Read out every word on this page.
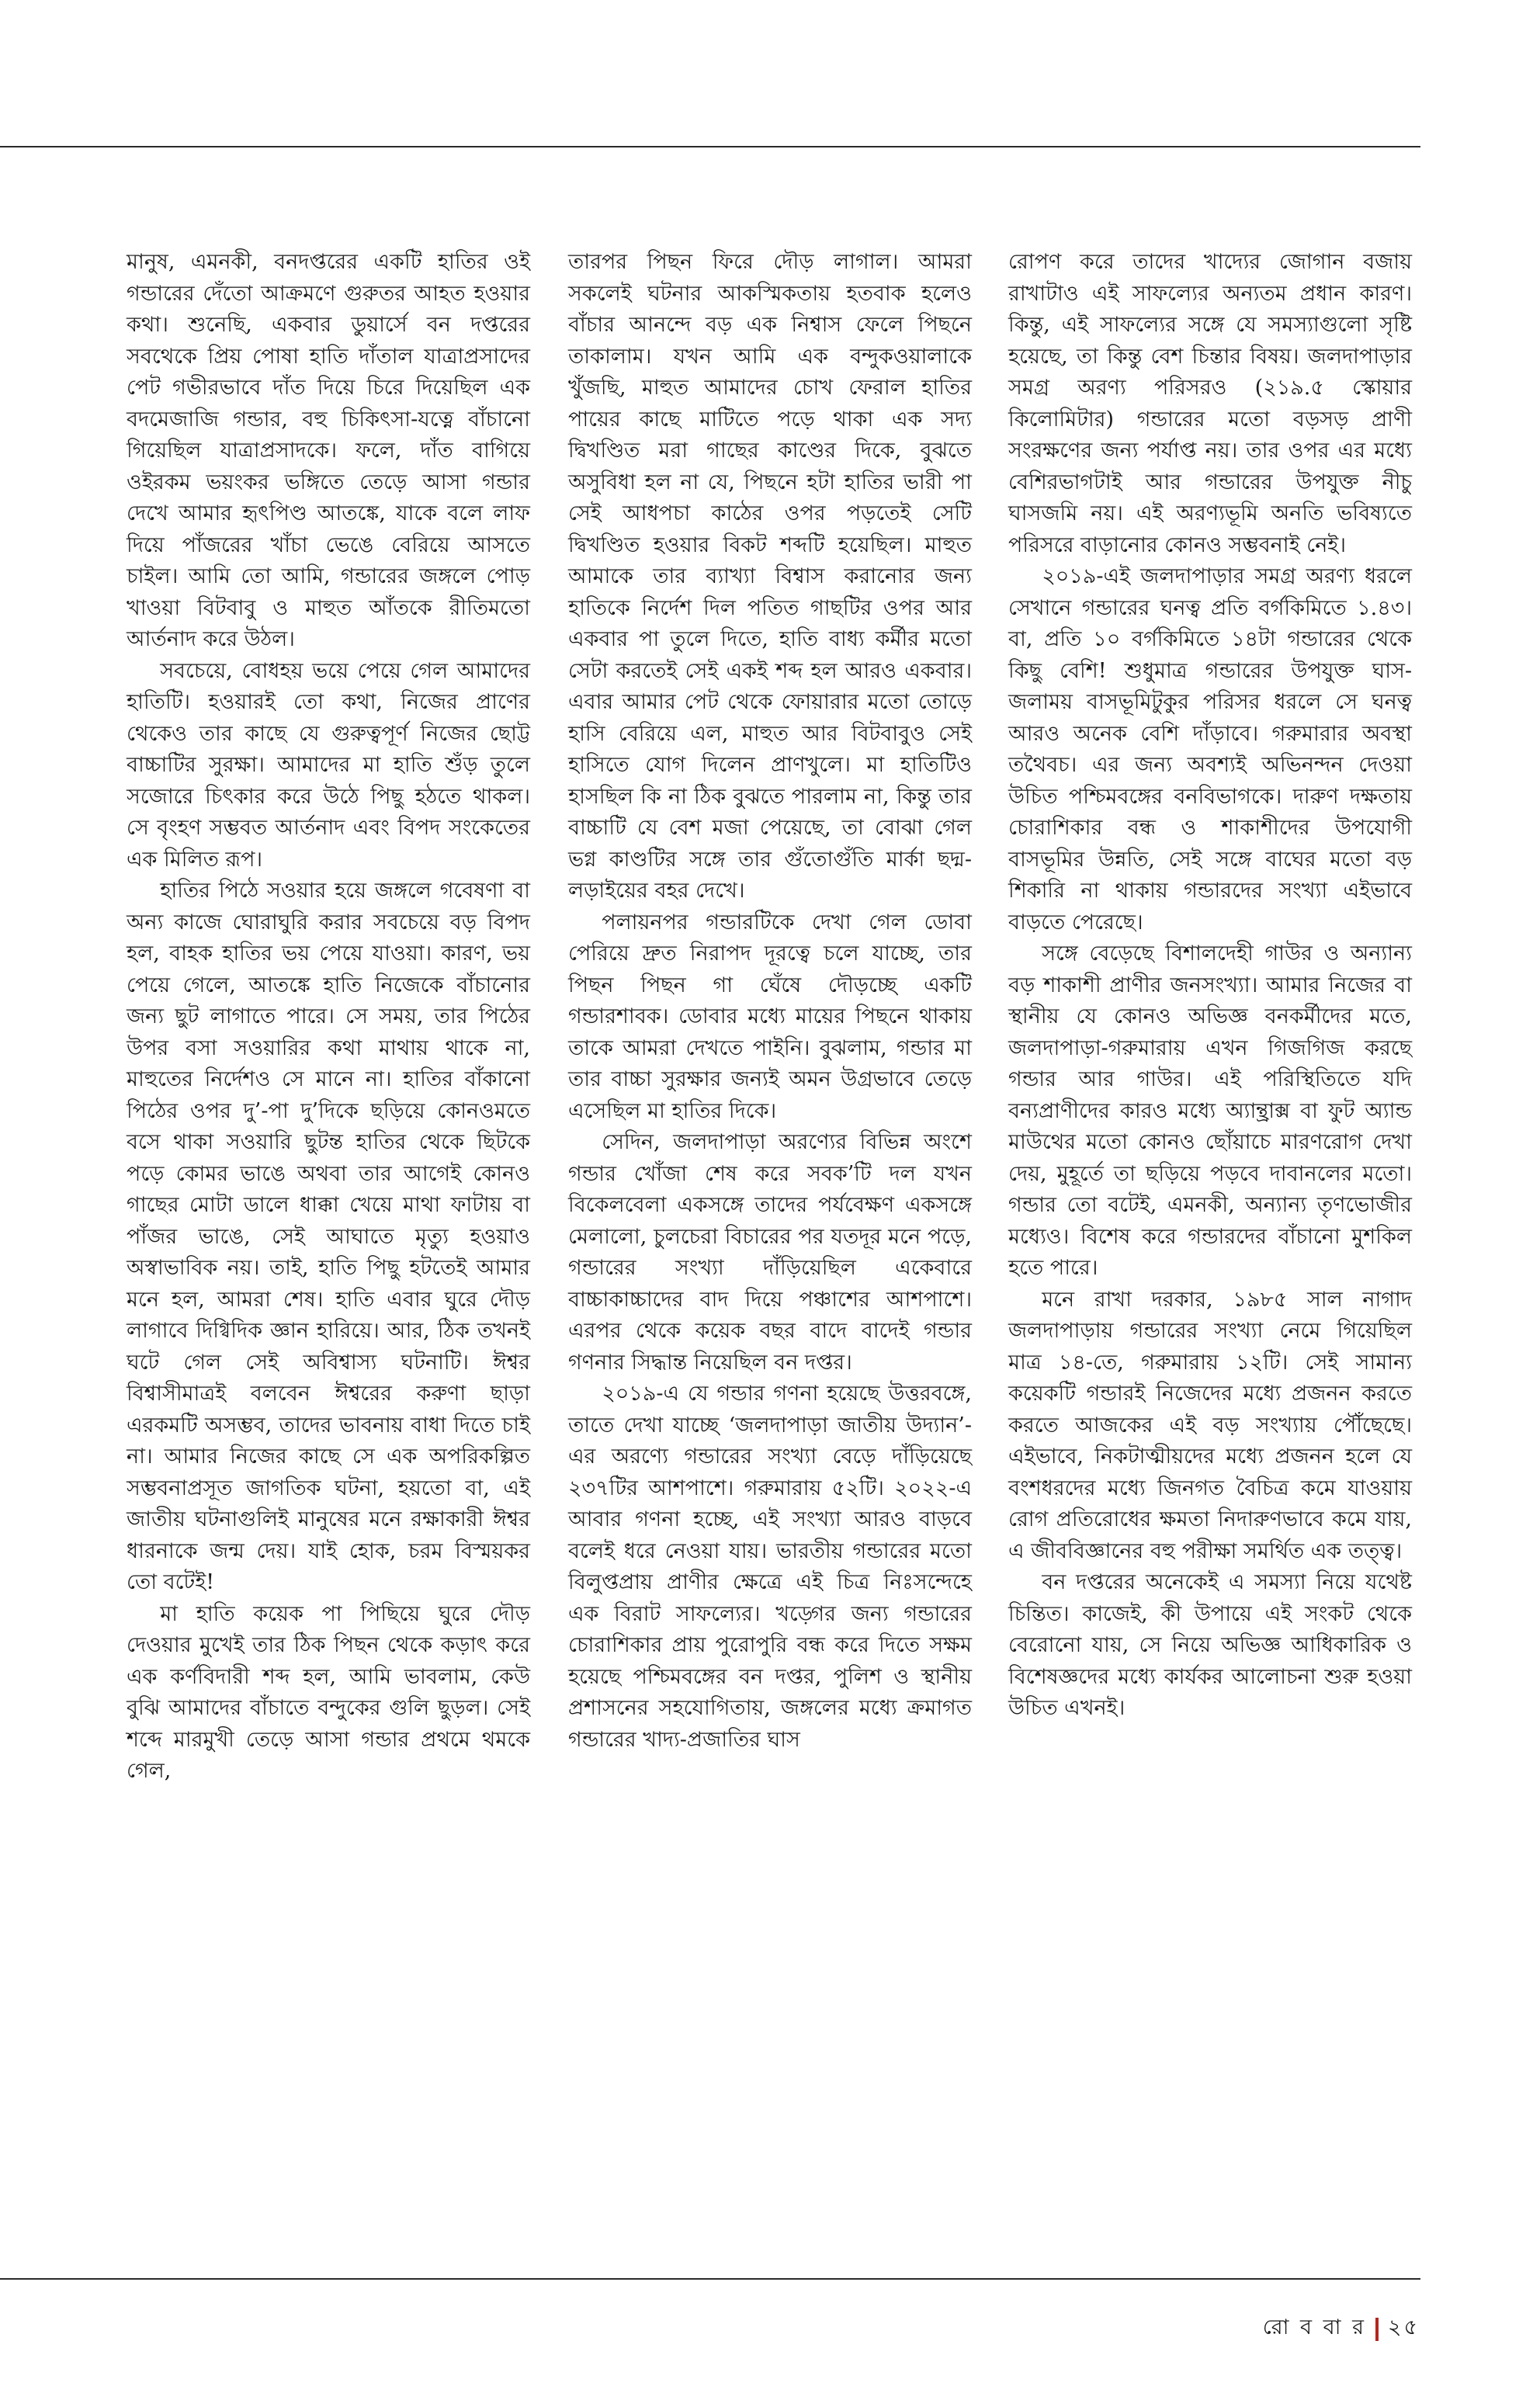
মানুষ, এমনকী, বনদপ্তরের একটি হাতির ওই গন্ডারের দেঁতো আক্রমণে গুরুতর আহত হওয়ার কথা। শুনেছি, একবার ডুয়ার্সে বন দপ্তরের সবথেকে প্রিয় পোষা হাতি দাঁতাল যাত্রাপ্রসাদের পেট গভীরভাবে দাঁত দিয়ে চিরে দিয়েছিল এক বদমেজাজি গন্ডার, বহু চিকিৎসা-যত্নে বাঁচানো গিয়েছিল যাত্রাপ্রসাদকে। ফলে, দাঁত বাগিয়ে ওইরকম ভয়ংকর ভঙ্গিতে তেড়ে আসা গন্ডার দেখে আমার হৃৎপিণ্ড আতঙ্কে, যাকে বলে লাফ দিয়ে পাঁজরের খাঁচা ভেঙে বেরিয়ে আসতে চাইল। আমি তো আমি, গন্ডারের জঙ্গলে পোড় খাওয়া বিটবাবু ও মাহুত আঁতকে রীতিমতো আর্তনাদ করে উঠল।

সবচেয়ে, বোধহয় ভয়ে পেয়ে গেল আমাদের হাতিটি। হওয়ারই তো কথা, নিজের প্রাণের থেকেও তার কাছে যে গুরুত্বপূর্ণ নিজের ছোট্ট বাচ্চাটির সুরক্ষা। আমাদের মা হাতি শুঁড় তুলে সজোরে চিৎকার করে উঠে পিছু হঠতে থাকল। সে বৃংহণ সম্ভবত আর্তনাদ এবং বিপদ সংকেতের এক মিলিত রূপ।

হাতির পিঠে সওয়ার হয়ে জঙ্গলে গবেষণা বা অন্য কাজে ঘোরাঘুরি করার সবচেয়ে বড় বিপদ হল, বাহক হাতির ভয় পেয়ে যাওয়া। কারণ, ভয় পেয়ে গেলে, আতঙ্কে হাতি নিজেকে বাঁচানোর জন্য ছুট লাগাতে পারে। সে সময়, তার পিঠের উপর বসা সওয়ারির কথা মাথায় থাকে না, মাহুতের নির্দেশও সে মানে না। হাতির বাঁকানো পিঠের ওপর দু’-পা দু’দিকে ছড়িয়ে কোনওমতে বসে থাকা সওয়ারি ছুটন্ত হাতির থেকে ছিটকে পড়ে কোমর ভাঙে অথবা তার আগেই কোনও গাছের মোটা ডালে ধাক্কা খেয়ে মাথা ফাটায় বা পাঁজর ভাঙে, সেই আঘাতে মৃত্যু হওয়াও অস্বাভাবিক নয়। তাই, হাতি পিছু হটতেই আমার মনে হল, আমরা শেষ। হাতি এবার ঘুরে দৌড় লাগাবে দিগ্বিদিক জ্ঞান হারিয়ে। আর, ঠিক তখনই ঘটে গেল সেই অবিশ্বাস্য ঘটনাটি। ঈশ্বর বিশ্বাসীমাত্রই বলবেন ঈশ্বরের করুণা ছাড়া এরকমটি অসম্ভব, তাদের ভাবনায় বাধা দিতে চাই না। আমার নিজের কাছে সে এক অপরিকল্পিত সম্ভবনাপ্রসূত জাগতিক ঘটনা, হয়তো বা, এই জাতীয় ঘটনাগুলিই মানুষের মনে রক্ষাকারী ঈশ্বর ধারনাকে জন্ম দেয়। যাই হোক, চরম বিস্ময়কর তো বটেই!

মা হাতি কয়েক পা পিছিয়ে ঘুরে দৌড় দেওয়ার মুখেই তার ঠিক পিছন থেকে কড়াৎ করে এক কর্ণবিদারী শব্দ হল, আমি ভাবলাম, কেউ বুঝি আমাদের বাঁচাতে বন্দুকের গুলি ছুড়ল। সেই শব্দে মারমুখী তেড়ে আসা গন্ডার প্রথমে থমকে গেল,

তারপর পিছন ফিরে দৌড় লাগাল। আমরা সকলেই ঘটনার আকস্মিকতায় হতবাক হলেও বাঁচার আনন্দে বড় এক নিশ্বাস ফেলে পিছনে তাকালাম। যখন আমি এক বন্দুকওয়ালাকে খুঁজছি, মাহুত আমাদের চোখ ফেরাল হাতির পায়ের কাছে মাটিতে পড়ে থাকা এক সদ্য দ্বিখণ্ডিত মরা গাছের কাণ্ডের দিকে, বুঝতে অসুবিধা হল না যে, পিছনে হটা হাতির ভারী পা সেই আধপচা কাঠের ওপর পড়তেই সেটি দ্বিখণ্ডিত হওয়ার বিকট শব্দটি হয়েছিল। মাহুত আমাকে তার ব্যাখ্যা বিশ্বাস করানোর জন্য হাতিকে নির্দেশ দিল পতিত গাছটির ওপর আর একবার পা তুলে দিতে, হাতি বাধ্য কর্মীর মতো সেটা করতেই সেই একই শব্দ হল আরও একবার। এবার আমার পেট থেকে ফোয়ারার মতো তোড়ে হাসি বেরিয়ে এল, মাহুত আর বিটবাবুও সেই হাসিতে যোগ দিলেন প্রাণখুলে। মা হাতিটিও হাসছিল কি না ঠিক বুঝতে পারলাম না, কিন্তু তার বাচ্চাটি যে বেশ মজা পেয়েছে, তা বোঝা গেল ভগ্ন কাণ্ডটির সঙ্গে তার গুঁতোগুঁতি মার্কা ছদ্ম-লড়াইয়ের বহর দেখে।

পলায়নপর গন্ডারটিকে দেখা গেল ডোবা পেরিয়ে দ্রুত নিরাপদ দূরত্বে চলে যাচ্ছে, তার পিছন পিছন গা ঘেঁষে দৌড়চ্ছে একটি গন্ডারশাবক। ডোবার মধ্যে মায়ের পিছনে থাকায় তাকে আমরা দেখতে পাইনি। বুঝলাম, গন্ডার মা তার বাচ্চা সুরক্ষার জন্যই অমন উগ্রভাবে তেড়ে এসেছিল মা হাতির দিকে।

সেদিন, জলদাপাড়া অরণ্যের বিভিন্ন অংশে গন্ডার খোঁজা শেষ করে সবক’টি দল যখন বিকেলবেলা একসঙ্গে তাদের পর্যবেক্ষণ একসঙ্গে মেলালো, চুলচেরা বিচারের পর যতদূর মনে পড়ে, গন্ডারের সংখ্যা দাঁড়িয়েছিল একেবারে বাচ্চাকাচ্চাদের বাদ দিয়ে পঞ্চাশের আশপাশে। এরপর থেকে কয়েক বছর বাদে বাদেই গন্ডার গণনার সিদ্ধান্ত নিয়েছিল বন দপ্তর।

২০১৯-এ যে গন্ডার গণনা হয়েছে উত্তরবঙ্গে, তাতে দেখা যাচ্ছে ‘জলদাপাড়া জাতীয় উদ্যান’-এর অরণ্যে গন্ডারের সংখ্যা বেড়ে দাঁড়িয়েছে ২৩৭টির আশপাশে। গরুমারায় ৫২টি। ২০২২-এ আবার গণনা হচ্ছে, এই সংখ্যা আরও বাড়বে বলেই ধরে নেওয়া যায়। ভারতীয় গন্ডারের মতো বিলুপ্তপ্রায় প্রাণীর ক্ষেত্রে এই চিত্র নিঃসন্দেহে এক বিরাট সাফল্যের। খড়্গের জন্য গন্ডারের চোরাশিকার প্রায় পুরোপুরি বন্ধ করে দিতে সক্ষম হয়েছে পশ্চিমবঙ্গের বন দপ্তর, পুলিশ ও স্থানীয় প্রশাসনের সহযোগিতায়, জঙ্গলের মধ্যে ক্রমাগত গন্ডারের খাদ্য-প্রজাতির ঘাস

রোপণ করে তাদের খাদ্যের জোগান বজায় রাখাটাও এই সাফল্যের অন্যতম প্রধান কারণ। কিন্তু, এই সাফল্যের সঙ্গে যে সমস্যাগুলো সৃষ্টি হয়েছে, তা কিন্তু বেশ চিন্তার বিষয়। জলদাপাড়ার সমগ্র অরণ্য পরিসরও (২১৯.৫ স্কোয়ার কিলোমিটার) গন্ডারের মতো বড়সড় প্রাণী সংরক্ষণের জন্য পর্যাপ্ত নয়। তার ওপর এর মধ্যে বেশিরভাগটাই আর গন্ডারের উপযুক্ত নীচু ঘাসজমি নয়। এই অরণ্যভূমি অনতি ভবিষ্যতে পরিসরে বাড়ানোর কোনও সম্ভবনাই নেই।

২০১৯-এই জলদাপাড়ার সমগ্র অরণ্য ধরলে সেখানে গন্ডারের ঘনত্ব প্রতি বর্গকিমিতে ১.৪৩। বা, প্রতি ১০ বর্গকিমিতে ১৪টা গন্ডারের থেকে কিছু বেশি! শুধুমাত্র গন্ডারের উপযুক্ত ঘাস-জলাময় বাসভূমিটুকুর পরিসর ধরলে সে ঘনত্ব আরও অনেক বেশি দাঁড়াবে। গরুমারার অবস্থা তথৈবচ। এর জন্য অবশ্যই অভিনন্দন দেওয়া উচিত পশ্চিমবঙ্গের বনবিভাগকে। দারুণ দক্ষতায় চোরাশিকার বন্ধ ও শাকাশীদের উপযোগী বাসভূমির উন্নতি, সেই সঙ্গে বাঘের মতো বড় শিকারি না থাকায় গন্ডারদের সংখ্যা এইভাবে বাড়তে পেরেছে।

সঙ্গে বেড়েছে বিশালদেহী গাউর ও অন্যান্য বড় শাকাশী প্রাণীর জনসংখ্যা। আমার নিজের বা স্থানীয় যে কোনও অভিজ্ঞ বনকর্মীদের মতে, জলদাপাড়া-গরুমারায় এখন গিজগিজ করছে গন্ডার আর গাউর। এই পরিস্থিতিতে যদি বন্যপ্রাণীদের কারও মধ্যে অ্যান্থ্রাক্স বা ফুট অ্যান্ড মাউথের মতো কোনও ছোঁয়াচে মারণরোগ দেখা দেয়, মুহূর্তে তা ছড়িয়ে পড়বে দাবানলের মতো। গন্ডার তো বটেই, এমনকী, অন্যান্য তৃণভোজীর মধ্যেও। বিশেষ করে গন্ডারদের বাঁচানো মুশকিল হতে পারে।

মনে রাখা দরকার, ১৯৮৫ সাল নাগাদ জলদাপাড়ায় গন্ডারের সংখ্যা নেমে গিয়েছিল মাত্র ১৪-তে, গরুমারায় ১২টি। সেই সামান্য কয়েকটি গন্ডারই নিজেদের মধ্যে প্রজনন করতে করতে আজকের এই বড় সংখ্যায় পৌঁছেছে। এইভাবে, নিকটাত্মীয়দের মধ্যে প্রজনন হলে যে বংশধরদের মধ্যে জিনগত বৈচিত্র কমে যাওয়ায় রোগ প্রতিরোধের ক্ষমতা নিদারুণভাবে কমে যায়, এ জীববিজ্ঞানের বহু পরীক্ষা সমর্থিত এক তত্ত্ব।

বন দপ্তরের অনেকেই এ সমস্যা নিয়ে যথেষ্ট চিন্তিত। কাজেই, কী উপায়ে এই সংকট থেকে বেরোনো যায়, সে নিয়ে অভিজ্ঞ আধিকারিক ও বিশেষজ্ঞদের মধ্যে কার্যকর আলোচনা শুরু হওয়া উচিত এখনই।

রো ব বা র ২৫
